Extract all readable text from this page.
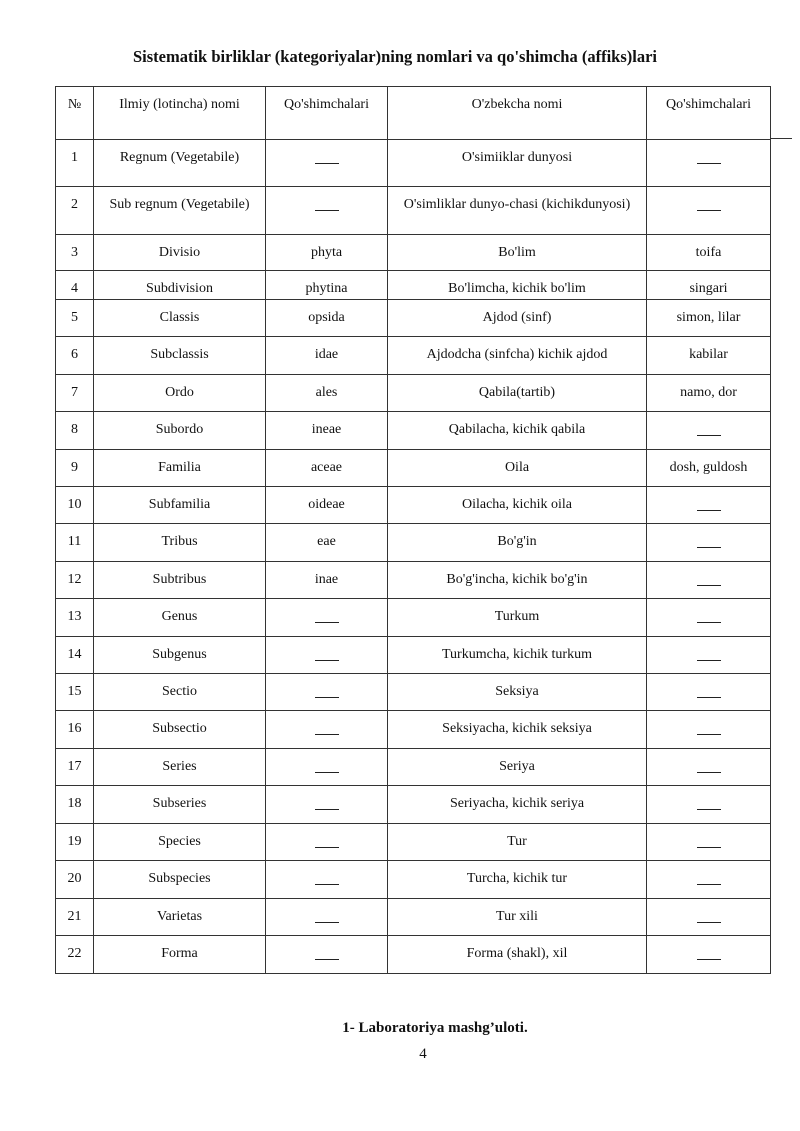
Sistematik birliklar (kategoriyalar)ning nomlari va qo'shimcha (affiks)lari
№	Ilmiy (lotincha) nomi	Qo'shimchalari	O'zbekcha nomi	Qo'shimchalari
1	Regnum (Vegetabile)		O'simiiklar dunyosi	
2	Sub regnum (Vegetabile)		O'simliklar dunyo-chasi (kichikdunyosi)	
3	Divisio	phyta	Bo'lim	toifa
4	Subdivision	phytina	Bo'limcha, kichik bo'lim	singari
5	Classis	opsida	Ajdod (sinf)	simon, lilar
6	Subclassis	idae	Ajdodcha (sinfcha) kichik ajdod	kabilar
7	Ordo	ales	Qabila(tartib)	namo, dor
8	Subordo	ineae	Qabilacha, kichik qabila	
9	Familia	aceae	Oila	dosh, guldosh
10	Subfamilia	oideae	Oilacha, kichik oila	
11	Tribus	eae	Bo'g'in	
12	Subtribus	inae	Bo'g'incha, kichik bo'g'in	
13	Genus		Turkum	
14	Subgenus		Turkumcha, kichik turkum	
15	Sectio		Seksiya	
16	Subsectio		Seksiyacha, kichik seksiya	
17	Series		Seriya	
18	Subseries		Seriyacha, kichik seriya	
19	Species		Tur	
20	Subspecies		Turcha, kichik tur	
21	Varietas		Tur xili	
22	Forma		Forma (shakl), xil	
1- Laboratoriya mashg’uloti.
4
